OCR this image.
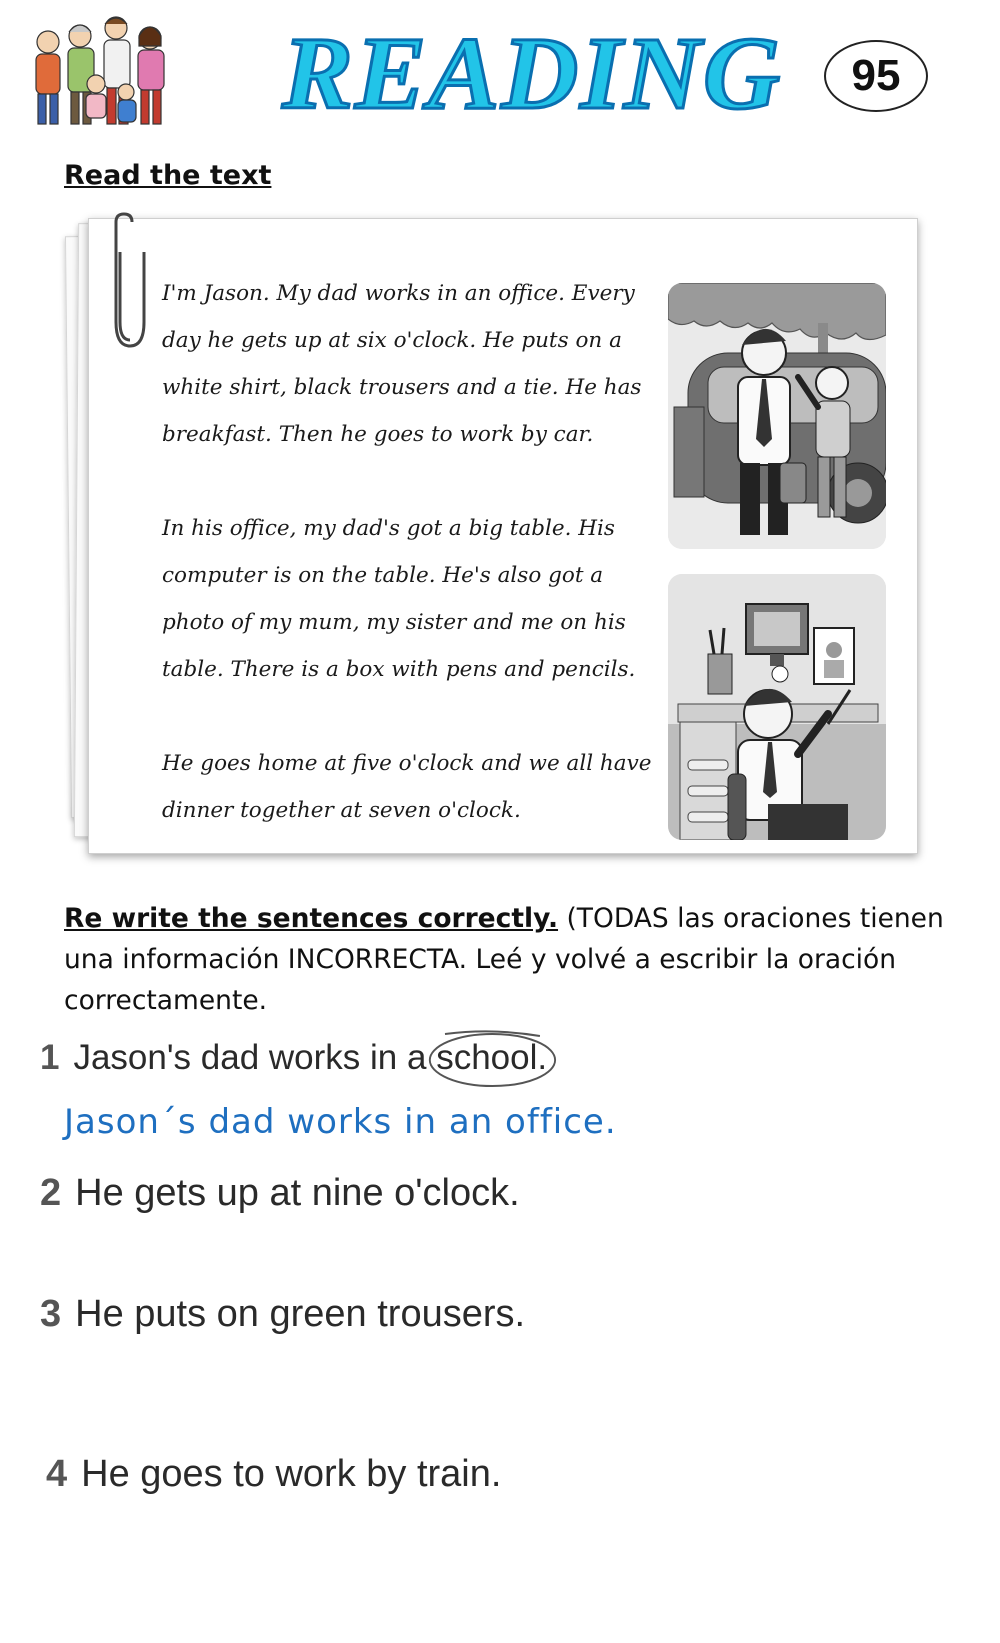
READING	95
Read the text

I'm Jason. My dad works in an office. Every day he gets up at six o'clock. He puts on a white shirt, black trousers and a tie. He has breakfast. Then he goes to work by car.

In his office, my dad's got a big table. His computer is on the table. He's also got a photo of my mum, my sister and me on his table. There is a box with pens and pencils.

He goes home at five o'clock and we all have dinner together at seven o'clock.

Re write the sentences correctly. (TODAS las oraciones tienen una información INCORRECTA. Leé y volvé a escribir la oración correctamente.
1 Jason's dad works in a school.
Jason´s dad works in an office.
2 He gets up at nine o'clock.
3 He puts on green trousers.
4 He goes to work by train.
